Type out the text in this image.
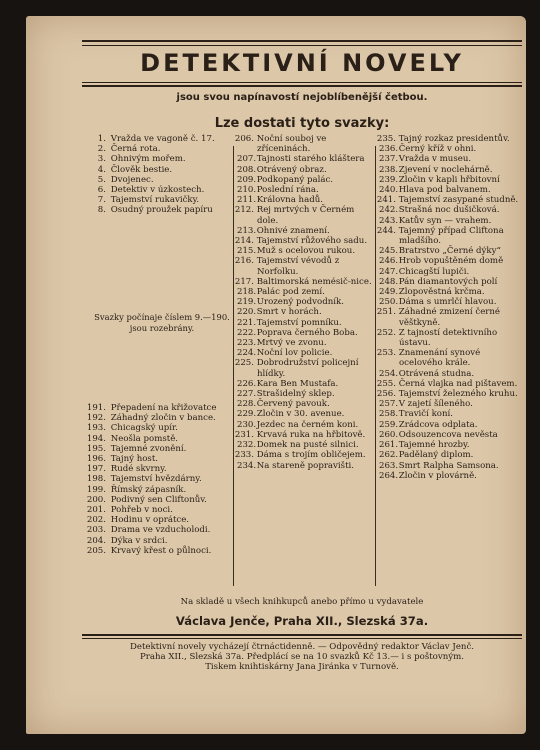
DETEKTIVNÍ NOVELY
jsou svou napínavostí nejoblíbenější četbou.
Lze dostati tyto svazky:
1. Vražda ve vagoně č. 17.
2. Černá rota.
3. Ohnivým mořem.
4. Člověk bestie.
5. Dvojenec.
6. Detektiv v úzkostech.
7. Tajemství rukavičky.
8. Osudný proužek papíru
Svazky počínaje číslem 9.—190. jsou rozebrány.
191. Přepadení na křižovatce
192. Záhadný zločin v bance.
193. Chicagský upír.
194. Neošla pomstě.
195. Tajemné zvonění.
196. Tajný host.
197. Rudé skvrny.
198. Tajemství hvězdárny.
199. Římský zápasník.
200. Podivný sen Cliftonův.
201. Pohřeb v noci.
202. Hodinu v oprátce.
203. Drama ve vzducholodi.
204. Dýka v srdci.
205. Krvavý křest o půlnoci.
206. Noční souboj ve zříceninách.
207. Tajnosti starého kláštera
208. Otrávený obraz.
209. Podkopaný palác.
210. Poslední rána.
211. Královna hadů.
212. Rej mrtvých v Černém dole.
213. Ohnivé znamení.
214. Tajemství růžového sadu.
215. Muž s ocelovou rukou.
216. Tajemství vévodů z Norfolku.
217. Baltimorská nemésič-nice.
218. Palác pod zemí.
219. Urozený podvodník.
220. Smrt v horách.
221. Tajemství pomníku.
222. Poprava černého Boba.
223. Mrtvý ve zvonu.
224. Noční lov policie.
225. Dobrodružství policejní hlídky.
226. Kara Ben Mustafa.
227. Strašidelný sklep.
228. Červený pavouk.
229. Zločin v 30. avenue.
230. Jezdec na černém koni.
231. Krvavá ruka na hřbitově.
232. Domek na pusté silnici.
233. Dáma s trojím obličejem.
234. Na stareně popravišti.
235. Tajný rozkaz presidentův.
236. Černý kříž v ohni.
237. Vražda v museu.
238. Zjevení v noclehárně.
239. Zločin v kapli hřbitovní
240. Hlava pod balvanem.
241. Tajemství zasypané studně.
242. Strašná noc dušičková.
243. Katův syn — vrahem.
244. Tajemný případ Cliftona mladšího.
245. Bratrstvo „Černé dýky“
246. Hrob vopuštěném domě
247. Chicagští lupiči.
248. Pán diamantových polí
249. Zlopověstná krčma.
250. Dáma s umrlčí hlavou.
251. Záhadné zmizení černé věštkyně.
252. Z tajností detektivního ústavu.
253. Znamenání synové ocelového krále.
254. Otrávená studna.
255. Černá vlajka nad pištavem.
256. Tajemství železného kruhu.
257. V zajetí šíleného.
258. Travičí koní.
259. Zrádcova odplata.
260. Odsouzencova nevěsta
261. Tajemné hrozby.
262. Padělaný diplom.
263. Smrt Ralpha Samsona.
264. Zločin v plovárně.
Na skladě u všech knihkupců anebo přímo u vydavatele
Václava Jenče, Praha XII., Slezská 37a.
Detektivní novely vycházejí čtrnáctidenně. — Odpovědný redaktor Václav Jenč.
Praha XII., Slezská 37a. Předplácí se na 10 svazků Kč 13.— i s poštovným.
Tiskem knihtiskárny Jana Jiránka v Turnově.
